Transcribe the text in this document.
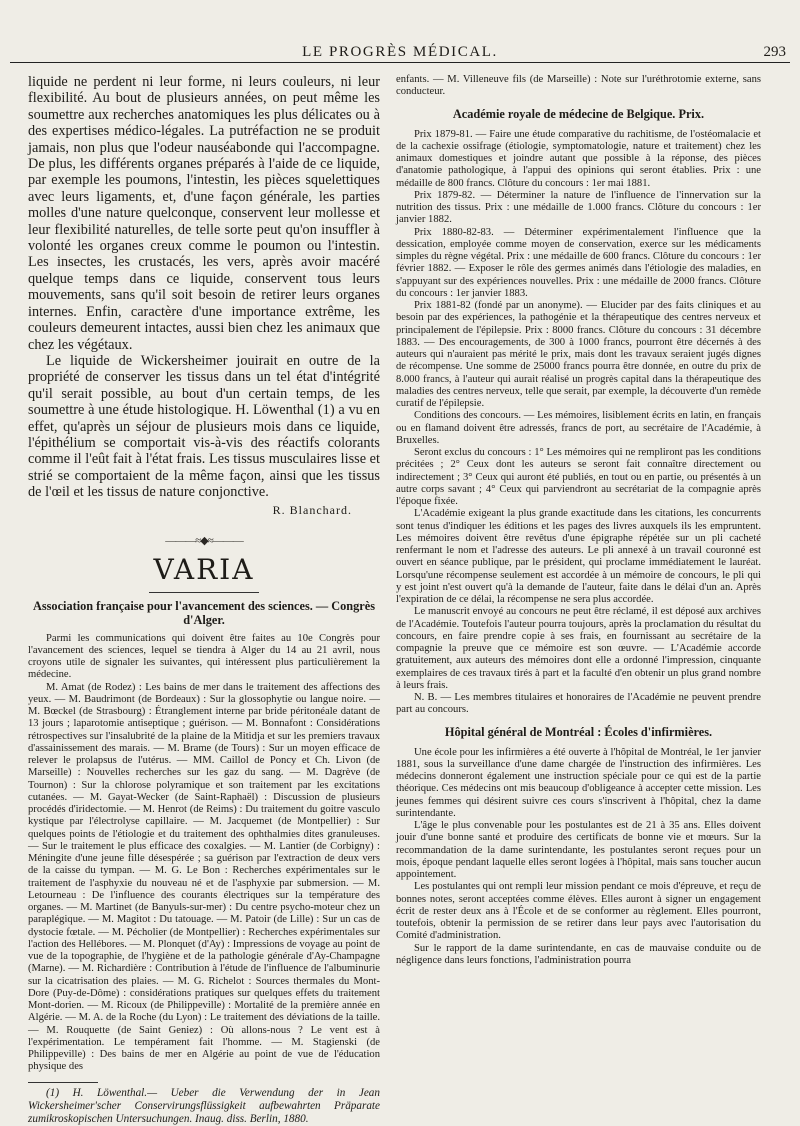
LE PROGRÈS MÉDICAL.	293

liquide ne perdent ni leur forme, ni leurs couleurs, ni leur flexibilité. Au bout de plusieurs années, on peut même les soumettre aux recherches anatomiques les plus délicates ou à des expertises médico-légales. La putréfaction ne se produit jamais, non plus que l'odeur nauséabonde qui l'accompagne. De plus, les différents organes préparés à l'aide de ce liquide, par exemple les poumons, l'intestin, les pièces squelettiques avec leurs ligaments, et, d'une façon générale, les parties molles d'une nature quelconque, conservent leur mollesse et leur flexibilité naturelles, de telle sorte peut qu'on insuffler à volonté les organes creux comme le poumon ou l'intestin. Les insectes, les crustacés, les vers, après avoir macéré quelque temps dans ce liquide, conservent tous leurs mouvements, sans qu'il soit besoin de retirer leurs organes internes. Enfin, caractère d'une importance extrême, les couleurs demeurent intactes, aussi bien chez les animaux que chez les végétaux.

Le liquide de Wickersheimer jouirait en outre de la propriété de conserver les tissus dans un tel état d'intégrité qu'il serait possible, au bout d'un certain temps, de les soumettre à une étude histologique. H. Löwenthal (1) a vu en effet, qu'après un séjour de plusieurs mois dans ce liquide, l'épithélium se comportait vis-à-vis des réactifs colorants comme il l'eût fait à l'état frais. Les tissus musculaires lisse et strié se comportaient de la même façon, ainsi que les tissus de l'œil et les tissus de nature conjonctive.

R. Blanchard.

———≈◆≈———
VARIA
Association française pour l'avancement des sciences. — Congrès d'Alger.

Parmi les communications qui doivent être faites au 10e Congrès pour l'avancement des sciences, lequel se tiendra à Alger du 14 au 21 avril, nous croyons utile de signaler les suivantes, qui intéressent plus particulièrement la médecine.

M. Amat (de Rodez) : Les bains de mer dans le traitement des affections des yeux. — M. Baudrimont (de Bordeaux) : Sur la glossophytie ou langue noire. — M. Bœckel (de Strasbourg) : Étranglement interne par bride péritonéale datant de 13 jours ; laparotomie antiseptique ; guérison. — M. Bonnafont : Considérations rétrospectives sur l'insalubrité de la plaine de la Mitidja et sur les premiers travaux d'assainissement des marais. — M. Brame (de Tours) : Sur un moyen efficace de relever le prolapsus de l'utérus. — MM. Caillol de Poncy et Ch. Livon (de Marseille) : Nouvelles recherches sur les gaz du sang. — M. Dagrève (de Tournon) : Sur la chlorose polyramique et son traitement par les excitations cutanées. — M. Gayat-Wecker (de Saint-Raphaël) : Discussion de plusieurs procédés d'iridectomie. — M. Henrot (de Reims) : Du traitement du goitre vasculo kystique par l'électrolyse capillaire. — M. Jacquemet (de Montpellier) : Sur quelques points de l'étiologie et du traitement des ophthalmies dites granuleuses. — Sur le traitement le plus efficace des coxalgies. — M. Lantier (de Corbigny) : Méningite d'une jeune fille désespérée ; sa guérison par l'extraction de deux vers de la caisse du tympan. — M. G. Le Bon : Recherches expérimentales sur le traitement de l'asphyxie du nouveau né et de l'asphyxie par submersion. — M. Letourneau : De l'influence des courants électriques sur la température des organes. — M. Martinet (de Banyuls-sur-mer) : Du centre psycho-moteur chez un paraplégique. — M. Magitot : Du tatouage. — M. Patoir (de Lille) : Sur un cas de dystocie fœtale. — M. Pécholier (de Montpellier) : Recherches expérimentales sur l'action des Hellébores. — M. Plonquet (d'Ay) : Impressions de voyage au point de vue de la topographie, de l'hygiène et de la pathologie générale d'Ay-Champagne (Marne). — M. Richardière : Contribution à l'étude de l'influence de l'albuminurie sur la cicatrisation des plaies. — M. G. Richelot : Sources thermales du Mont-Dore (Puy-de-Dôme) : considérations pratiques sur quelques effets du traitement Mont-dorien. — M. Ricoux (de Philippeville) : Mortalité de la première année en Algérie. — M. A. de la Roche (du Lyon) : Le traitement des déviations de la taille. — M. Rouquette (de Saint Geniez) : Où allons-nous ? Le vent est à l'expérimentation. Le tempérament fait l'homme. — M. Stagienski (de Philippeville) : Des bains de mer en Algérie au point de vue de l'éducation physique des

(1) H. Löwenthal.— Ueber die Verwendung der in Jean Wickersheimer'scher Conservirungsflüssigkeit aufbewahrten Präparate zumikroskopischen Untersuchungen. Inaug. diss. Berlin, 1880.

enfants. — M. Villeneuve fils (de Marseille) : Note sur l'uréthrotomie externe, sans conducteur.

Académie royale de médecine de Belgique. Prix.

Prix 1879-81. — Faire une étude comparative du rachitisme, de l'ostéomalacie et de la cachexie ossifrage (étiologie, symptomatologie, nature et traitement) chez les animaux domestiques et joindre autant que possible à la réponse, des pièces d'anatomie pathologique, à l'appui des opinions qui seront établies. Prix : une médaille de 800 francs. Clôture du concours : 1er mai 1881.

Prix 1879-82. — Déterminer la nature de l'influence de l'innervation sur la nutrition des tissus. Prix : une médaille de 1.000 francs. Clôture du concours : 1er janvier 1882.

Prix 1880-82-83. — Déterminer expérimentalement l'influence que la dessication, employée comme moyen de conservation, exerce sur les médicaments simples du règne végétal. Prix : une médaille de 600 francs. Clôture du concours : 1er février 1882. — Exposer le rôle des germes animés dans l'étiologie des maladies, en s'appuyant sur des expériences nouvelles. Prix : une médaille de 2000 francs. Clôture du concours : 1er janvier 1883.

Prix 1881-82 (fondé par un anonyme). — Elucider par des faits cliniques et au besoin par des expériences, la pathogénie et la thérapeutique des centres nerveux et principalement de l'épilepsie. Prix : 8000 francs. Clôture du concours : 31 décembre 1883. — Des encouragements, de 300 à 1000 francs, pourront être décernés à des auteurs qui n'auraient pas mérité le prix, mais dont les travaux seraient jugés dignes de récompense. Une somme de 25000 francs pourra être donnée, en outre du prix de 8.000 francs, à l'auteur qui aurait réalisé un progrès capital dans la thérapeutique des maladies des centres nerveux, telle que serait, par exemple, la découverte d'un remède curatif de l'épilepsie.

Conditions des concours. — Les mémoires, lisiblement écrits en latin, en français ou en flamand doivent être adressés, francs de port, au secrétaire de l'Académie, à Bruxelles.

Seront exclus du concours : 1° Les mémoires qui ne rempliront pas les conditions précitées ; 2° Ceux dont les auteurs se seront fait connaître directement ou indirectement ; 3° Ceux qui auront été publiés, en tout ou en partie, ou présentés à un autre corps savant ; 4° Ceux qui parviendront au secrétariat de la compagnie après l'époque fixée.

L'Académie exigeant la plus grande exactitude dans les citations, les concurrents sont tenus d'indiquer les éditions et les pages des livres auxquels ils les empruntent. Les mémoires doivent être revêtus d'une épigraphe répétée sur un pli cacheté renfermant le nom et l'adresse des auteurs. Le pli annexé à un travail couronné est ouvert en séance publique, par le président, qui proclame immédiatement le lauréat. Lorsqu'une récompense seulement est accordée à un mémoire de concours, le pli qui y est joint n'est ouvert qu'à la demande de l'auteur, faite dans le délai d'un an. Après l'expiration de ce délai, la récompense ne sera plus accordée.

Le manuscrit envoyé au concours ne peut être réclamé, il est déposé aux archives de l'Académie. Toutefois l'auteur pourra toujours, après la proclamation du résultat du concours, en faire prendre copie à ses frais, en fournissant au secrétaire de la compagnie la preuve que ce mémoire est son œuvre. — L'Académie accorde gratuitement, aux auteurs des mémoires dont elle a ordonné l'impression, cinquante exemplaires de ces travaux tirés à part et la faculté d'en obtenir un plus grand nombre à leurs frais.

N. B. — Les membres titulaires et honoraires de l'Académie ne peuvent prendre part au concours.

Hôpital général de Montréal : Écoles d'infirmières.

Une école pour les infirmières a été ouverte à l'hôpital de Montréal, le 1er janvier 1881, sous la surveillance d'une dame chargée de l'instruction des infirmières. Les médecins donneront également une instruction spéciale pour ce qui est de la partie théorique. Ces médecins ont mis beaucoup d'obligeance à accepter cette mission. Les jeunes femmes qui désirent suivre ces cours s'inscrivent à l'hôpital, chez la dame surintendante.

L'âge le plus convenable pour les postulantes est de 21 à 35 ans. Elles doivent jouir d'une bonne santé et produire des certificats de bonne vie et mœurs. Sur la recommandation de la dame surintendante, les postulantes seront reçues pour un mois, époque pendant laquelle elles seront logées à l'hôpital, mais sans toucher aucun appointement.

Les postulantes qui ont rempli leur mission pendant ce mois d'épreuve, et reçu de bonnes notes, seront acceptées comme élèves. Elles auront à signer un engagement écrit de rester deux ans à l'École et de se conformer au règlement. Elles pourront, toutefois, obtenir la permission de se retirer dans leur pays avec l'autorisation du Comité d'administration.

Sur le rapport de la dame surintendante, en cas de mauvaise conduite ou de négligence dans leurs fonctions, l'administration pourra
